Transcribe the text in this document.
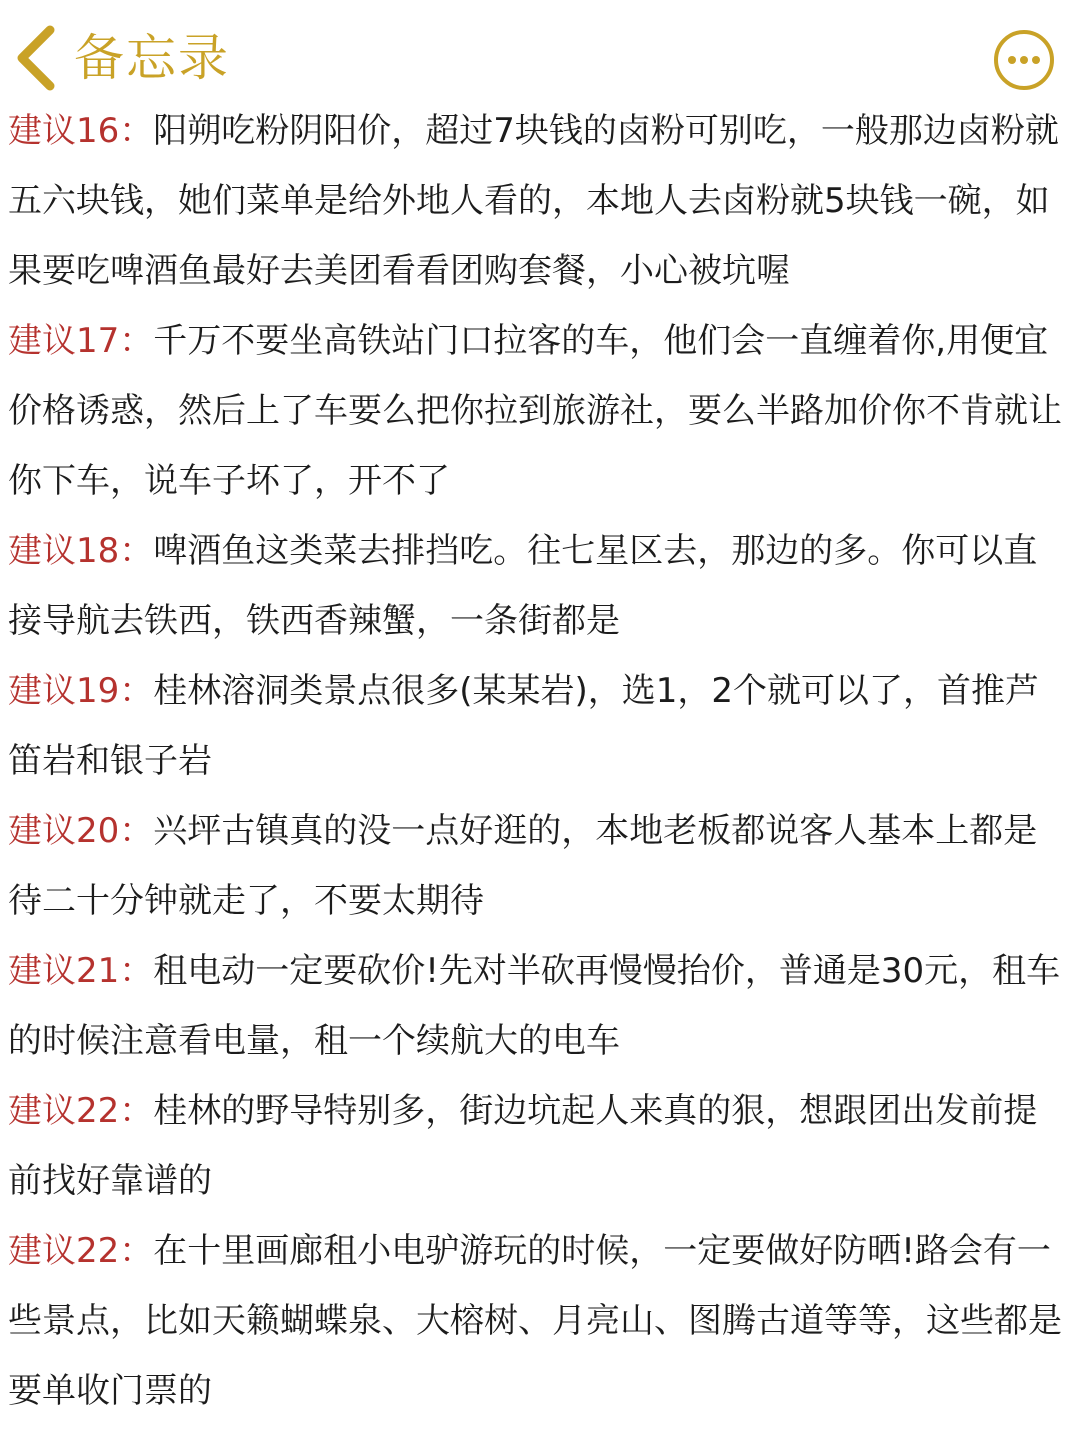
备忘录

建议16：阳朔吃粉阴阳价，超过7块钱的卤粉可别吃，一般那边卤粉就五六块钱，她们菜单是给外地人看的，本地人去卤粉就5块钱一碗，如果要吃啤酒鱼最好去美团看看团购套餐，小心被坑喔

建议17：千万不要坐高铁站门口拉客的车，他们会一直缠着你,用便宜价格诱惑，然后上了车要么把你拉到旅游社，要么半路加价你不肯就让你下车，说车子坏了，开不了

建议18：啤酒鱼这类菜去排挡吃。往七星区去，那边的多。你可以直接导航去铁西，铁西香辣蟹，一条街都是

建议19：桂林溶洞类景点很多(某某岩)，选1，2个就可以了，首推芦笛岩和银子岩

建议20：兴坪古镇真的没一点好逛的，本地老板都说客人基本上都是待二十分钟就走了，不要太期待

建议21：租电动一定要砍价!先对半砍再慢慢抬价，普通是30元，租车的时候注意看电量，租一个续航大的电车

建议22：桂林的野导特别多，街边坑起人来真的狠，想跟团出发前提前找好靠谱的

建议22：在十里画廊租小电驴游玩的时候，一定要做好防晒!路会有一些景点，比如天籁蝴蝶泉、大榕树、月亮山、图腾古道等等，这些都是要单收门票的
